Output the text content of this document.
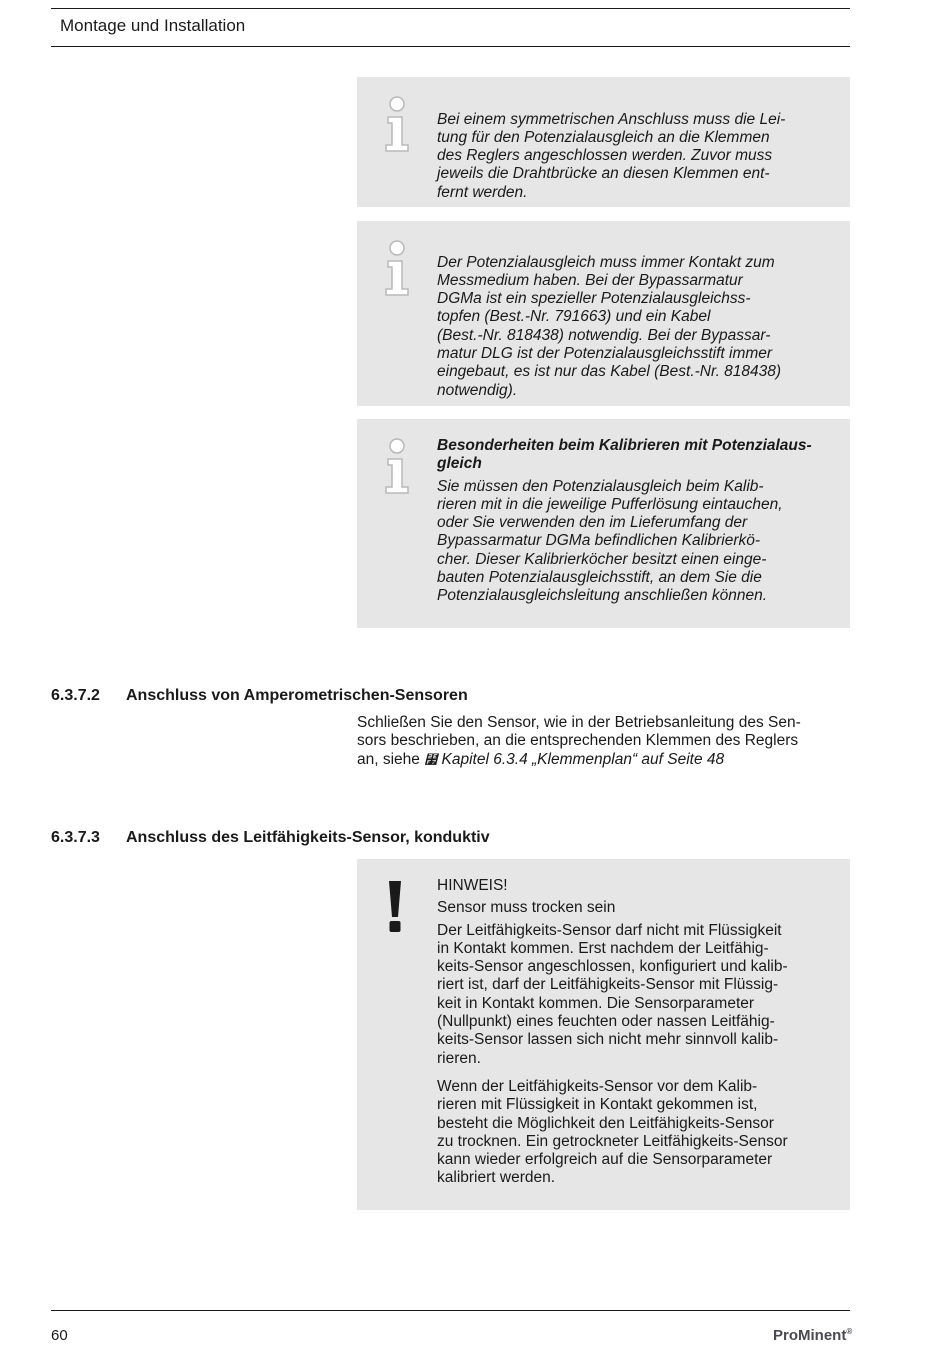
Montage und Installation

Bei einem symmetrischen Anschluss muss die Lei-
tung für den Potenzialausgleich an die Klemmen
des Reglers angeschlossen werden. Zuvor muss
jeweils die Drahtbrücke an diesen Klemmen ent-
fernt werden.

Der Potenzialausgleich muss immer Kontakt zum
Messmedium haben. Bei der Bypassarmatur
DGMa ist ein spezieller Potenzialausgleichss-
topfen (Best.-Nr. 791663) und ein Kabel
(Best.-Nr. 818438) notwendig. Bei der Bypassar-
matur DLG ist der Potenzialausgleichsstift immer
eingebaut, es ist nur das Kabel (Best.-Nr. 818438)
notwendig).

Besonderheiten beim Kalibrieren mit Potenzialaus-
gleich

Sie müssen den Potenzialausgleich beim Kalib-
rieren mit in die jeweilige Pufferlösung eintauchen,
oder Sie verwenden den im Lieferumfang der
Bypassarmatur DGMa befindlichen Kalibrierkö-
cher. Dieser Kalibrierköcher besitzt einen einge-
bauten Potenzialausgleichsstift, an dem Sie die
Potenzialausgleichsleitung anschließen können.

6.3.7.2 Anschluss von Amperometrischen-Sensoren

Schließen Sie den Sensor, wie in der Betriebsanleitung des Sen-
sors beschrieben, an die entsprechenden Klemmen des Reglers
an, siehe ⻷ Kapitel 6.3.4 „Klemmenplan“ auf Seite 48

6.3.7.3 Anschluss des Leitfähigkeits-Sensor, konduktiv

HINWEIS!

Sensor muss trocken sein

Der Leitfähigkeits-Sensor darf nicht mit Flüssigkeit
in Kontakt kommen. Erst nachdem der Leitfähig-
keits-Sensor angeschlossen, konfiguriert und kalib-
riert ist, darf der Leitfähigkeits-Sensor mit Flüssig-
keit in Kontakt kommen. Die Sensorparameter
(Nullpunkt) eines feuchten oder nassen Leitfähig-
keits-Sensor lassen sich nicht mehr sinnvoll kalib-
rieren.

Wenn der Leitfähigkeits-Sensor vor dem Kalib-
rieren mit Flüssigkeit in Kontakt gekommen ist,
besteht die Möglichkeit den Leitfähigkeits-Sensor
zu trocknen. Ein getrockneter Leitfähigkeits-Sensor
kann wieder erfolgreich auf die Sensorparameter
kalibriert werden.

60	ProMinent®
